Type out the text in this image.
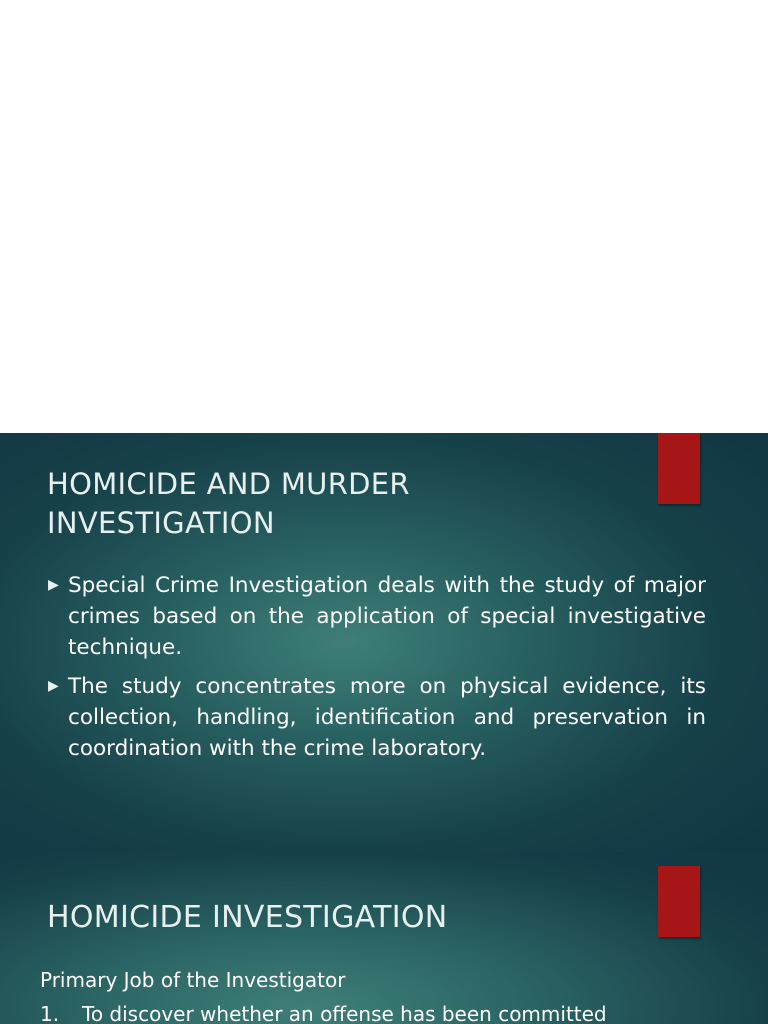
HOMICIDE AND MURDER INVESTIGATION
▶ Special Crime Investigation deals with the study of major crimes based on the application of special investigative technique.
▶ The study concentrates more on physical evidence, its collection, handling, identification and preservation in coordination with the crime laboratory.
HOMICIDE INVESTIGATION

Primary Job of the Investigator

1. To discover whether an offense has been committed
